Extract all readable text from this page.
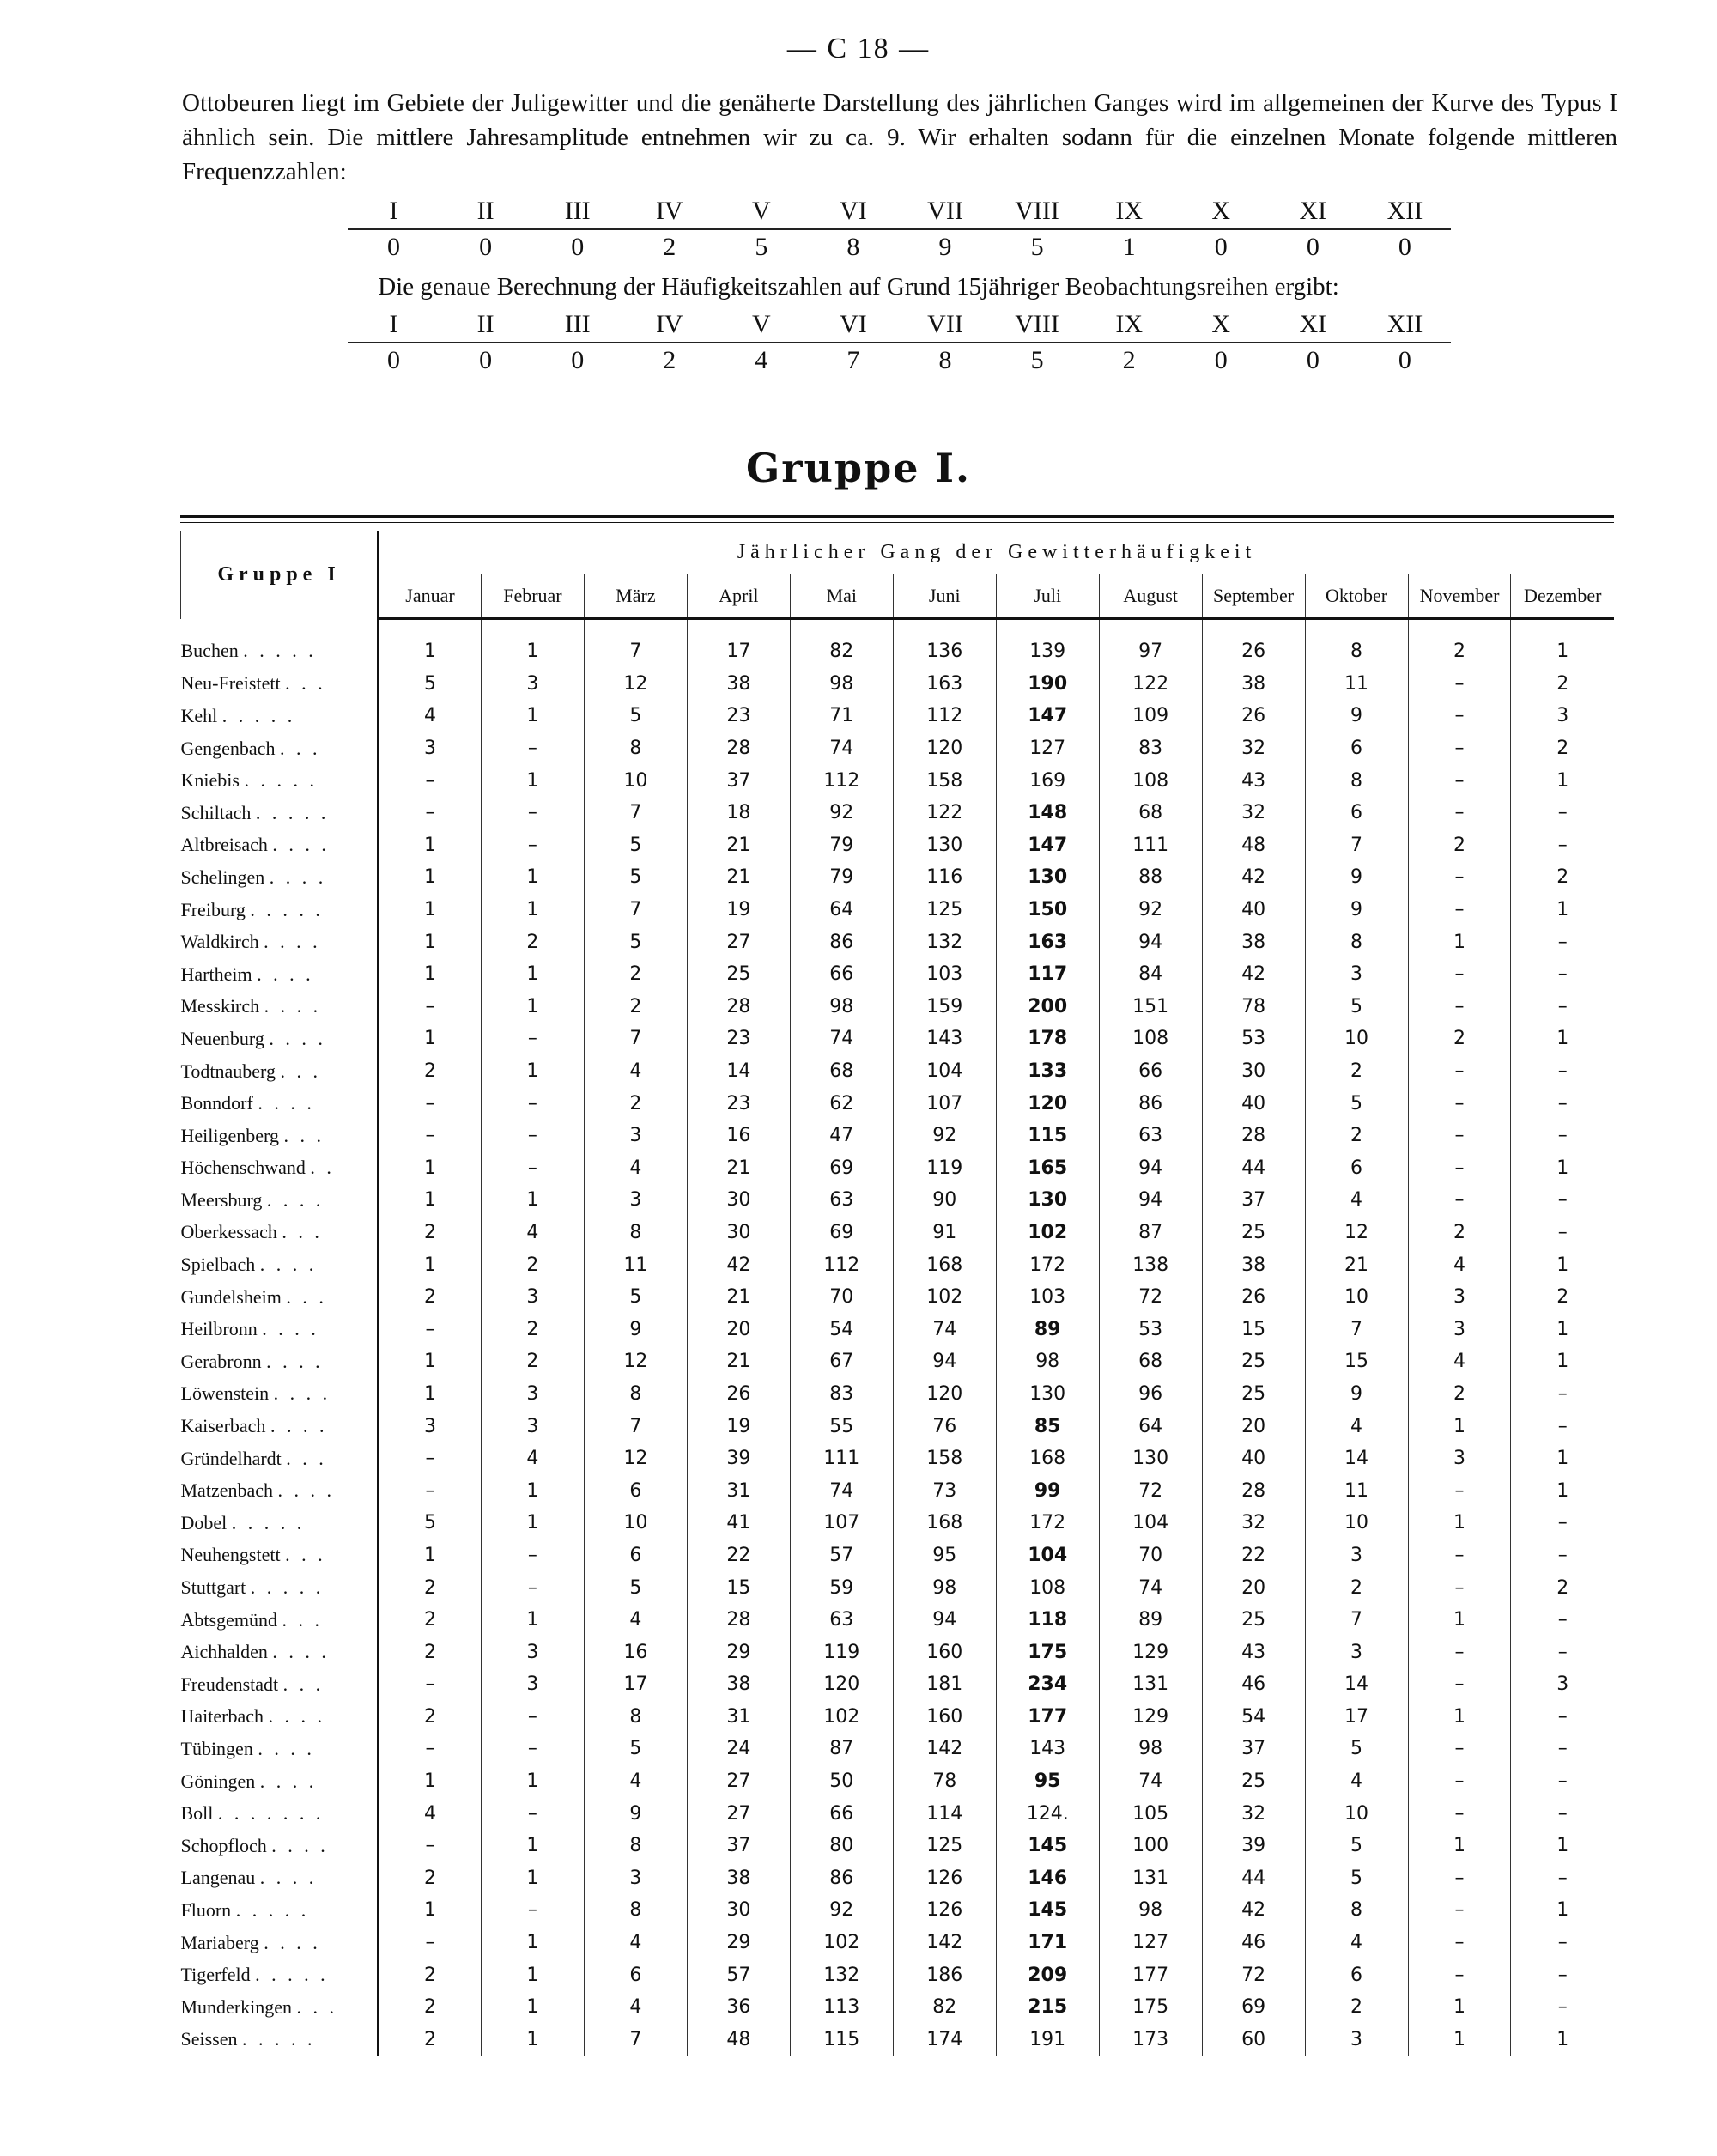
— C 18 —
Ottobeuren liegt im Gebiete der Juligewitter und die genäherte Darstellung des jährlichen Ganges wird im allgemeinen der Kurve des Typus I ähnlich sein. Die mittlere Jahresamplitude entnehmen wir zu ca. 9. Wir erhalten sodann für die einzelnen Monate folgende mittleren Frequenzzahlen:
I	II	III	IV	V	VI	VII	VIII	IX	X	XI	XII
0	0	0	2	5	8	9	5	1	0	0	0
Die genaue Berechnung der Häufigkeitszahlen auf Grund 15jähriger Beobachtungsreihen ergibt:
I	II	III	IV	V	VI	VII	VIII	IX	X	XI	XII
0	0	0	2	4	7	8	5	2	0	0	0
Gruppe I.
Gruppe I	Jährlicher Gang der Gewitterhäufigkeit											
	Januar	Februar	März	April	Mai	Juni	Juli	August	September	Oktober	November	Dezember
Buchen . . . . .	1	1	7	17	82	136	139	97	26	8	2	1
Neu-Freistett . . .	5	3	12	38	98	163	190	122	38	11	–	2
Kehl . . . . .	4	1	5	23	71	112	147	109	26	9	–	3
Gengenbach . . .	3	–	8	28	74	120	127	83	32	6	–	2
Kniebis . . . . .	–	1	10	37	112	158	169	108	43	8	–	1
Schiltach . . . . .	–	–	7	18	92	122	148	68	32	6	–	–
Altbreisach . . . .	1	–	5	21	79	130	147	111	48	7	2	–
Schelingen . . . .	1	1	5	21	79	116	130	88	42	9	–	2
Freiburg . . . . .	1	1	7	19	64	125	150	92	40	9	–	1
Waldkirch . . . .	1	2	5	27	86	132	163	94	38	8	1	–
Hartheim . . . .	1	1	2	25	66	103	117	84	42	3	–	–
Messkirch . . . .	–	1	2	28	98	159	200	151	78	5	–	–
Neuenburg . . . .	1	–	7	23	74	143	178	108	53	10	2	1
Todtnauberg . . .	2	1	4	14	68	104	133	66	30	2	–	–
Bonndorf . . . .	–	–	2	23	62	107	120	86	40	5	–	–
Heiligenberg . . .	–	–	3	16	47	92	115	63	28	2	–	–
Höchenschwand . .	1	–	4	21	69	119	165	94	44	6	–	1
Meersburg . . . .	1	1	3	30	63	90	130	94	37	4	–	–
Oberkessach . . .	2	4	8	30	69	91	102	87	25	12	2	–
Spielbach . . . .	1	2	11	42	112	168	172	138	38	21	4	1
Gundelsheim . . .	2	3	5	21	70	102	103	72	26	10	3	2
Heilbronn . . . .	–	2	9	20	54	74	89	53	15	7	3	1
Gerabronn . . . .	1	2	12	21	67	94	98	68	25	15	4	1
Löwenstein . . . .	1	3	8	26	83	120	130	96	25	9	2	–
Kaiserbach . . . .	3	3	7	19	55	76	85	64	20	4	1	–
Gründelhardt . . .	–	4	12	39	111	158	168	130	40	14	3	1
Matzenbach . . . .	–	1	6	31	74	73	99	72	28	11	–	1
Dobel . . . . .	5	1	10	41	107	168	172	104	32	10	1	–
Neuhengstett . . .	1	–	6	22	57	95	104	70	22	3	–	–
Stuttgart . . . . .	2	–	5	15	59	98	108	74	20	2	–	2
Abtsgemünd . . .	2	1	4	28	63	94	118	89	25	7	1	–
Aichhalden . . . .	2	3	16	29	119	160	175	129	43	3	–	–
Freudenstadt . . .	–	3	17	38	120	181	234	131	46	14	–	3
Haiterbach . . . .	2	–	8	31	102	160	177	129	54	17	1	–
Tübingen . . . .	–	–	5	24	87	142	143	98	37	5	–	–
Göningen . . . .	1	1	4	27	50	78	95	74	25	4	–	–
Boll . . . . . . .	4	–	9	27	66	114	124.	105	32	10	–	–
Schopfloch . . . .	–	1	8	37	80	125	145	100	39	5	1	1
Langenau . . . .	2	1	3	38	86	126	146	131	44	5	–	–
Fluorn . . . . .	1	–	8	30	92	126	145	98	42	8	–	1
Mariaberg . . . .	–	1	4	29	102	142	171	127	46	4	–	–
Tigerfeld . . . . .	2	1	6	57	132	186	209	177	72	6	–	–
Munderkingen . . .	2	1	4	36	113	82	215	175	69	2	1	–
Seissen . . . . .	2	1	7	48	115	174	191	173	60	3	1	1
